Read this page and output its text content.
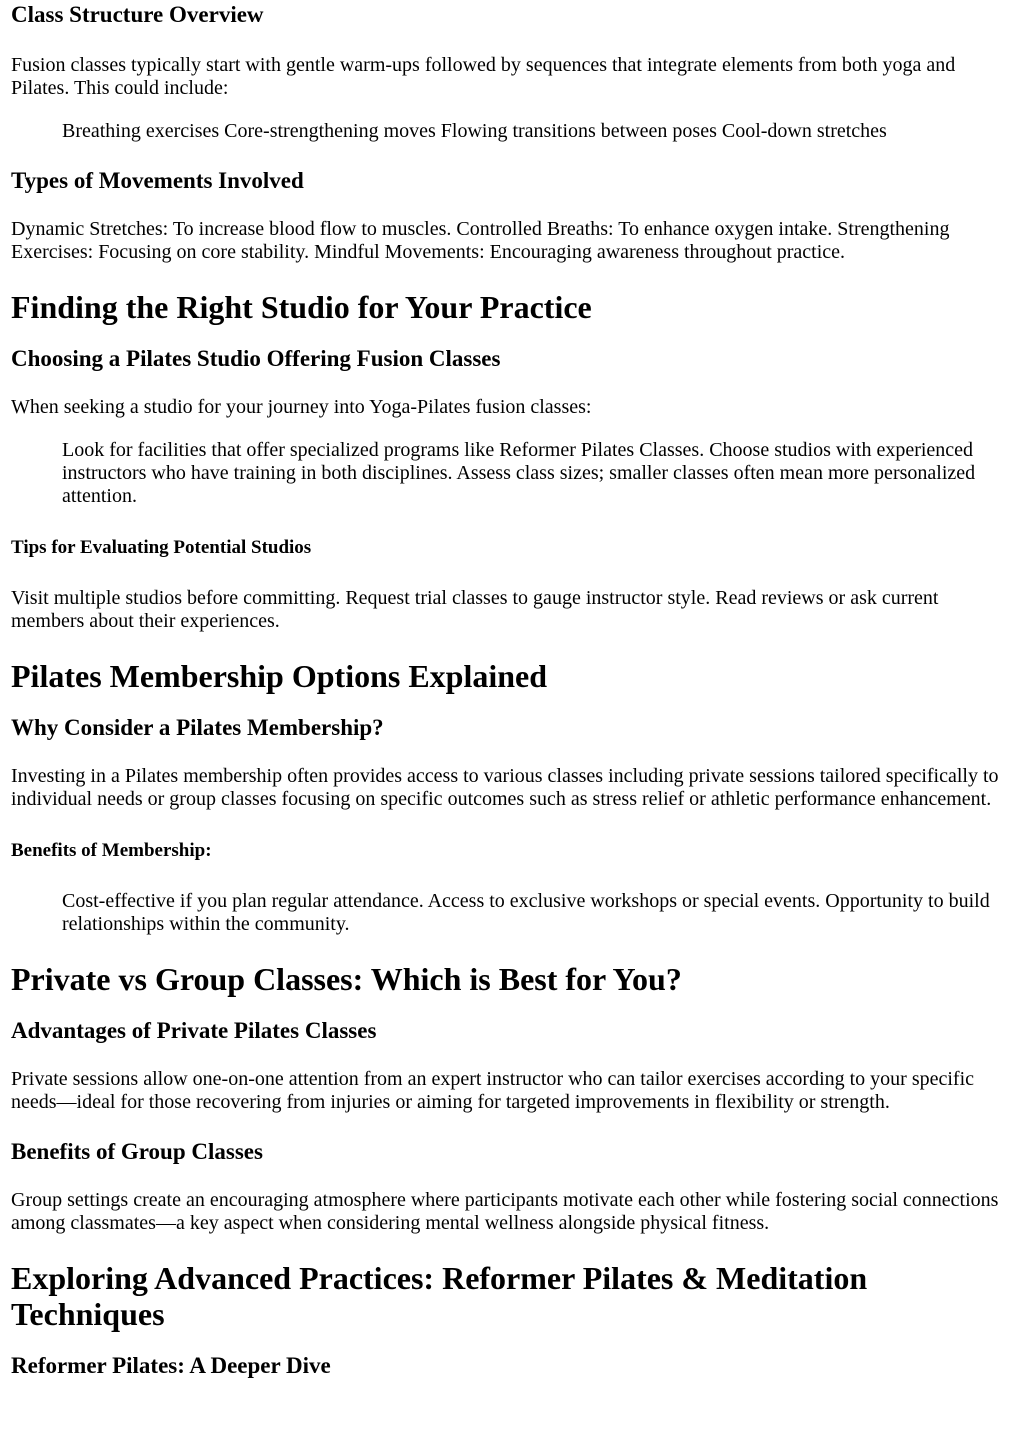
Class Structure Overview

Fusion classes typically start with gentle warm-ups followed by sequences that integrate elements from both yoga and Pilates. This could include:

Breathing exercises Core-strengthening moves Flowing transitions between poses Cool-down stretches
Types of Movements Involved

Dynamic Stretches: To increase blood flow to muscles. Controlled Breaths: To enhance oxygen intake. Strengthening Exercises: Focusing on core stability. Mindful Movements: Encouraging awareness throughout practice.

Finding the Right Studio for Your Practice
Choosing a Pilates Studio Offering Fusion Classes

When seeking a studio for your journey into Yoga-Pilates fusion classes:

Look for facilities that offer specialized programs like Reformer Pilates Classes. Choose studios with experienced instructors who have training in both disciplines. Assess class sizes; smaller classes often mean more personalized attention.
Tips for Evaluating Potential Studios

Visit multiple studios before committing. Request trial classes to gauge instructor style. Read reviews or ask current members about their experiences.

Pilates Membership Options Explained
Why Consider a Pilates Membership?

Investing in a Pilates membership often provides access to various classes including private sessions tailored specifically to individual needs or group classes focusing on specific outcomes such as stress relief or athletic performance enhancement.

Benefits of Membership:
Cost-effective if you plan regular attendance. Access to exclusive workshops or special events. Opportunity to build relationships within the community.
Private vs Group Classes: Which is Best for You?
Advantages of Private Pilates Classes

Private sessions allow one-on-one attention from an expert instructor who can tailor exercises according to your specific needs—ideal for those recovering from injuries or aiming for targeted improvements in flexibility or strength.

Benefits of Group Classes

Group settings create an encouraging atmosphere where participants motivate each other while fostering social connections among classmates—a key aspect when considering mental wellness alongside physical fitness.

Exploring Advanced Practices: Reformer Pilates & Meditation Techniques
Reformer Pilates: A Deeper Dive
